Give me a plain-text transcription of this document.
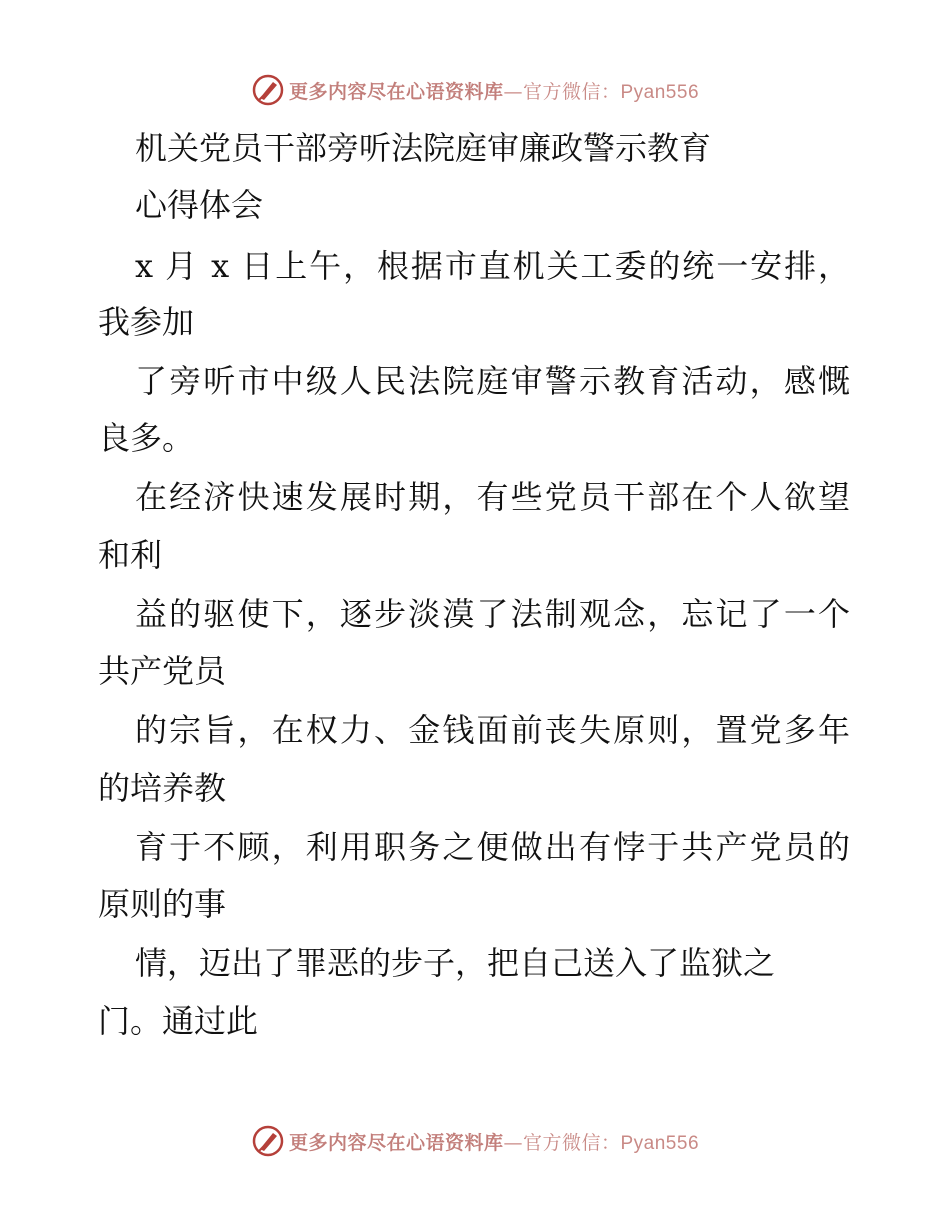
更多内容尽在心语资料库—官方微信：Pyan556
机关党员干部旁听法院庭审廉政警示教育
心得体会
x 月 x 日上午，根据市直机关工委的统一安排，
我参加
了旁听市中级人民法院庭审警示教育活动，感慨
良多。
在经济快速发展时期，有些党员干部在个人欲望
和利
益的驱使下，逐步淡漠了法制观念，忘记了一个
共产党员
的宗旨，在权力、金钱面前丧失原则，置党多年
的培养教
育于不顾，利用职务之便做出有悖于共产党员的
原则的事
情，迈出了罪恶的步子，把自己送入了监狱之
门。通过此
更多内容尽在心语资料库—官方微信：Pyan556
